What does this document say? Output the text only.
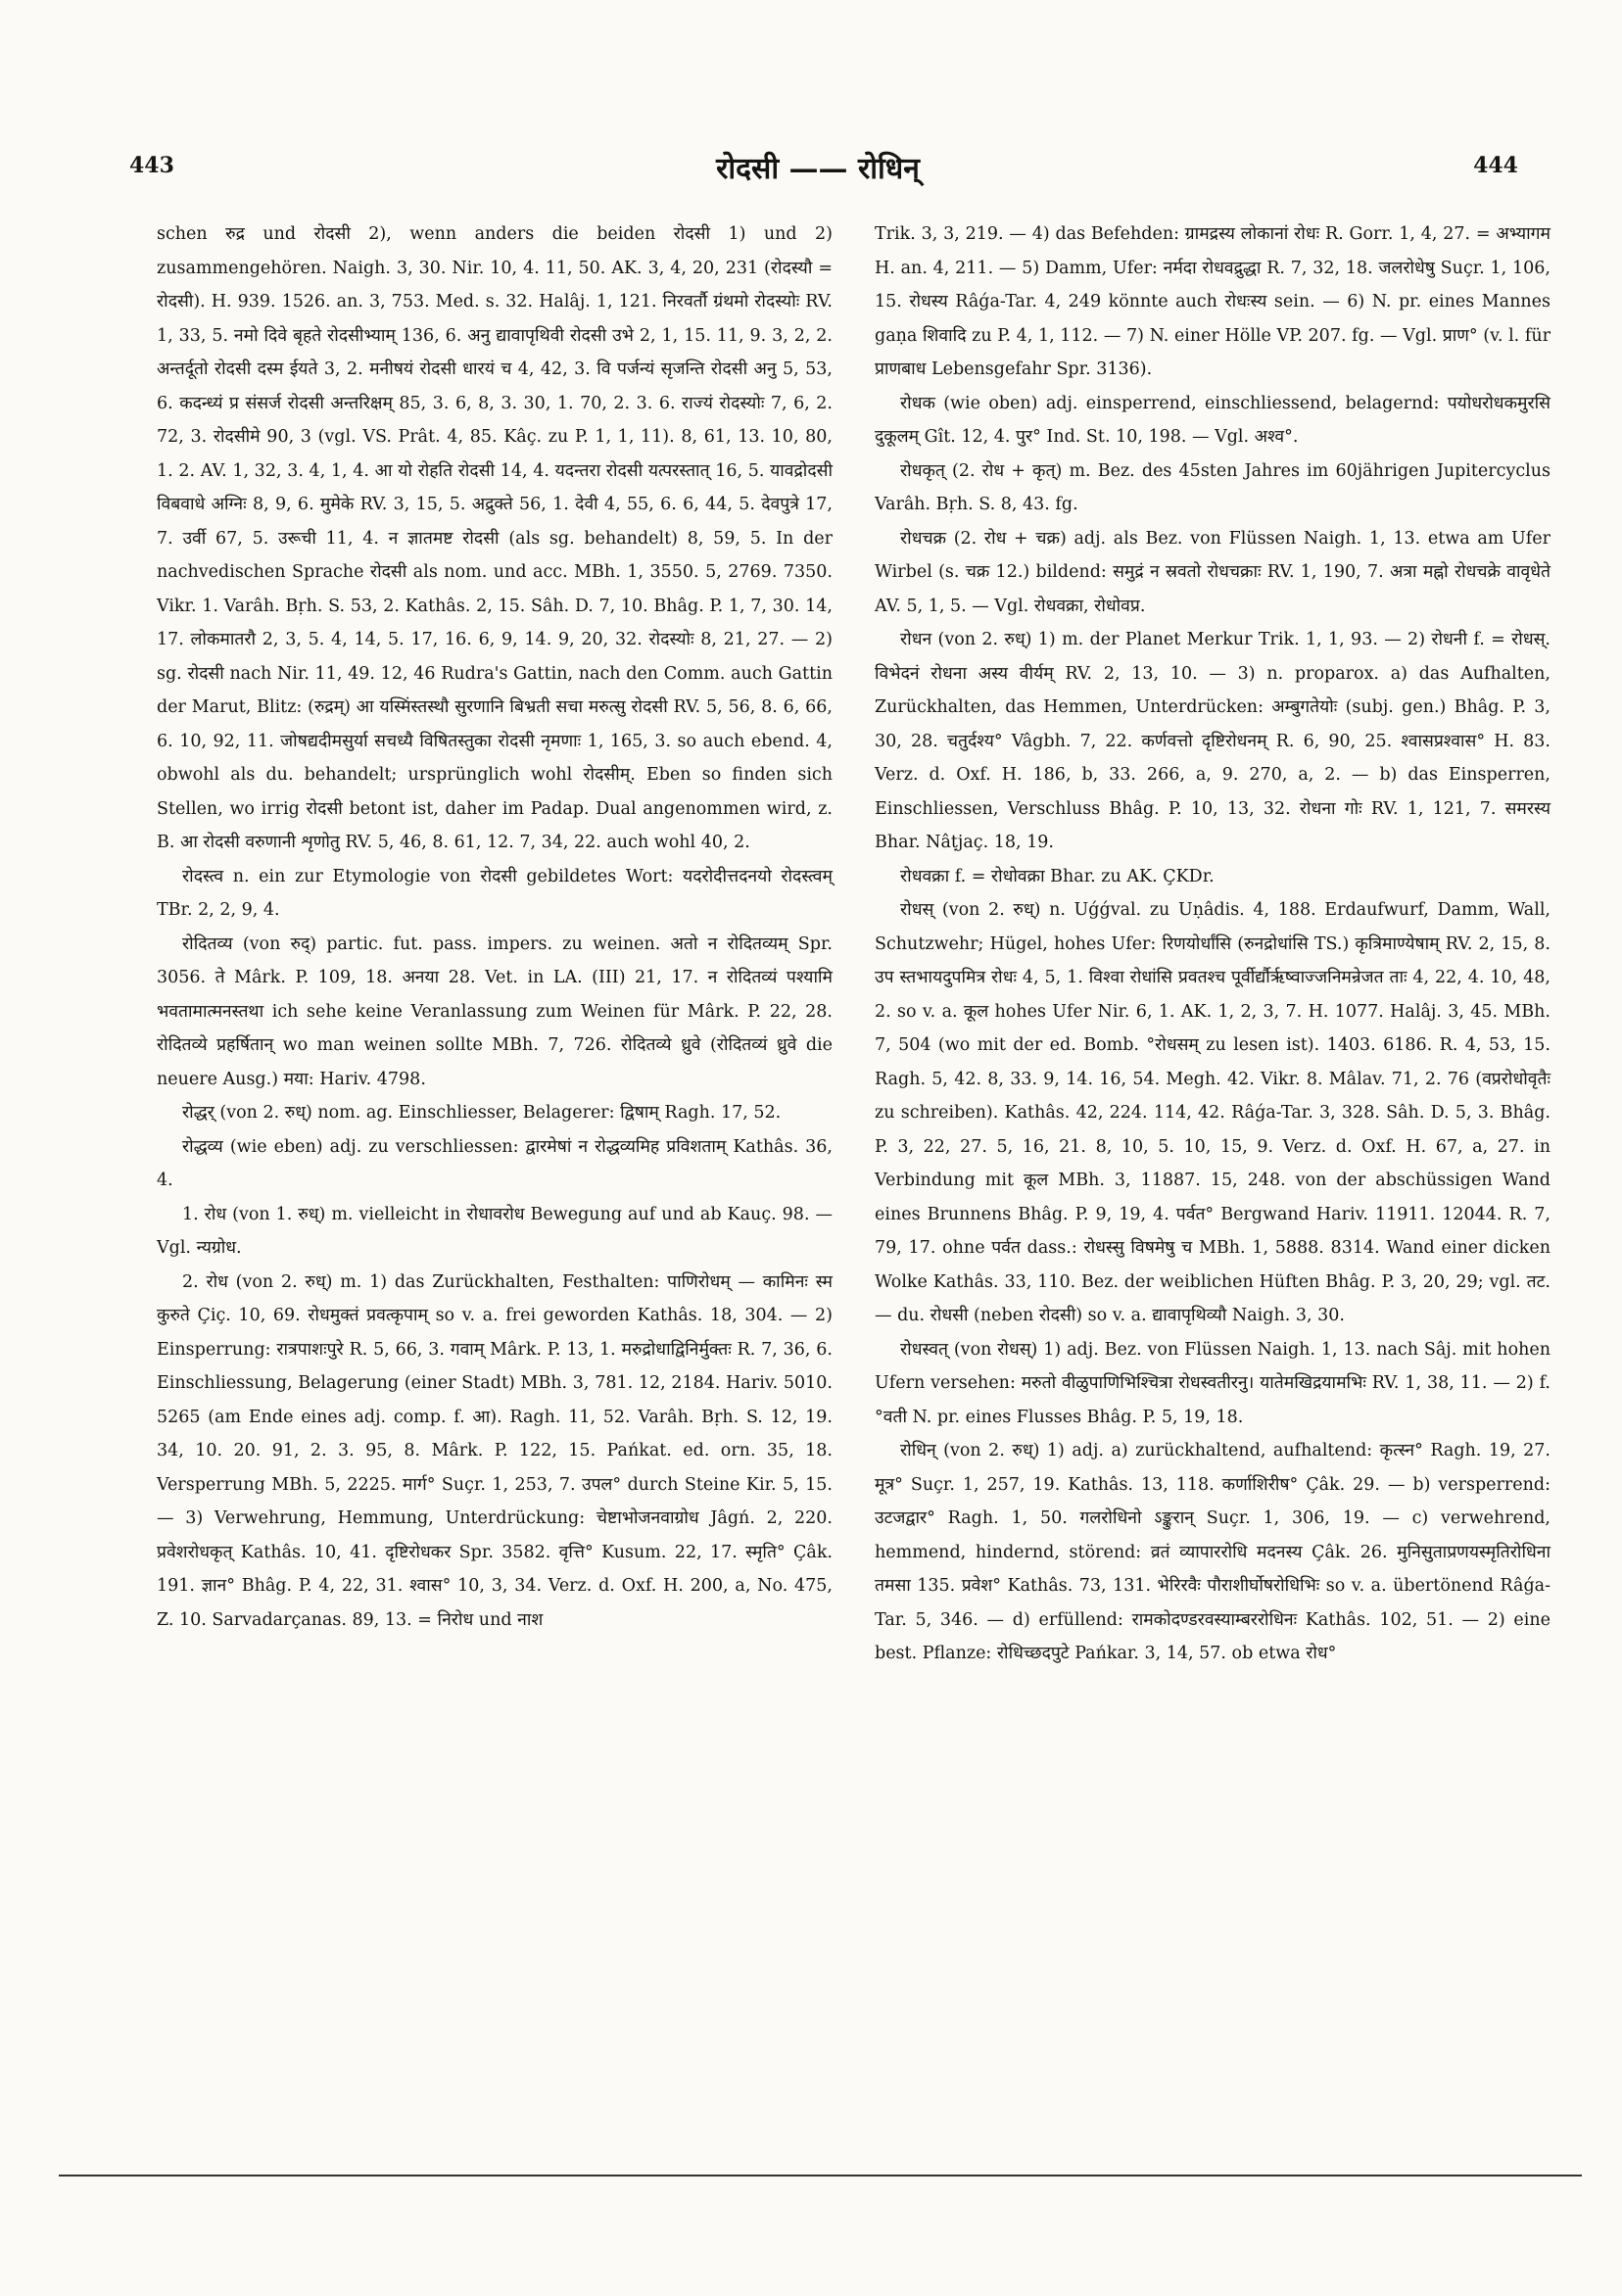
443	रोदसी —— रोधिन्	444

schen रुद्र und रोदसी 2), wenn anders die beiden रोदसी 1) und 2) zusammengehören. Naigh. 3, 30. Nir. 10, 4. 11, 50. AK. 3, 4, 20, 231 (रोदस्यौ = रोदसी). H. 939. 1526. an. 3, 753. Med. s. 32. Halâj. 1, 121. निरवर्तौ ग्रंथमो रोदस्योः RV. 1, 33, 5. नमो दिवे बृहते रोदसीभ्याम् 136, 6. अनु द्यावापृथिवी रोदसी उभे 2, 1, 15. 11, 9. 3, 2, 2. अन्तर्दूतो रोदसी दस्म ईयते 3, 2. मनीषयं रोदसी धारयं च 4, 42, 3. वि पर्जन्यं सृजन्ति रोदसी अनु 5, 53, 6. कदन्ध्यं प्र संसर्ज रोदसी अन्तरिक्षम् 85, 3. 6, 8, 3. 30, 1. 70, 2. 3. 6. राज्यं रोदस्योः 7, 6, 2. 72, 3. रोदसीमे 90, 3 (vgl. VS. Prât. 4, 85. Kâç. zu P. 1, 1, 11). 8, 61, 13. 10, 80, 1. 2. AV. 1, 32, 3. 4, 1, 4. आ यो रोहति रोदसी 14, 4. यदन्तरा रोदसी यत्परस्तात् 16, 5. यावद्रोदसी विबवाधे अग्निः 8, 9, 6. मुमेके RV. 3, 15, 5. अद्रुक्ते 56, 1. देवी 4, 55, 6. 6, 44, 5. देवपुत्रे 17, 7. उर्वी 67, 5. उरूची 11, 4. न ज्ञातमष्ट रोदसी (als sg. behandelt) 8, 59, 5. In der nachvedischen Sprache रोदसी als nom. und acc. MBh. 1, 3550. 5, 2769. 7350. Vikr. 1. Varâh. Bṛh. S. 53, 2. Kathâs. 2, 15. Sâh. D. 7, 10. Bhâg. P. 1, 7, 30. 14, 17. लोकमातरौ 2, 3, 5. 4, 14, 5. 17, 16. 6, 9, 14. 9, 20, 32. रोदस्योः 8, 21, 27. — 2) sg. रोदसी nach Nir. 11, 49. 12, 46 Rudra's Gattin, nach den Comm. auch Gattin der Marut, Blitz: (रुद्रम्) आ यस्मिंस्तस्थौ सुरणानि बिभ्रती सचा मरुत्सु रोदसी RV. 5, 56, 8. 6, 66, 6. 10, 92, 11. जोषद्यदीमसुर्या सचध्यै विषितस्तुका रोदसी नृमणाः 1, 165, 3. so auch ebend. 4, obwohl als du. behandelt; ursprünglich wohl रोदसीम्. Eben so finden sich Stellen, wo irrig रोदसी betont ist, daher im Padap. Dual angenommen wird, z. B. आ रोदसी वरुणानी शृणोतु RV. 5, 46, 8. 61, 12. 7, 34, 22. auch wohl 40, 2.

रोदस्त्व n. ein zur Etymologie von रोदसी gebildetes Wort: यदरोदीत्तदनयो रोदस्त्वम् TBr. 2, 2, 9, 4.

रोदितव्य (von रुद्) partic. fut. pass. impers. zu weinen. अतो न रोदितव्यम् Spr. 3056. ते Mârk. P. 109, 18. अनया 28. Vet. in LA. (III) 21, 17. न रोदितव्यं पश्यामि भवतामात्मनस्तथा ich sehe keine Veranlassung zum Weinen für Mârk. P. 22, 28. रोदितव्ये प्रहर्षितान् wo man weinen sollte MBh. 7, 726. रोदितव्ये ध्रुवे (रोदितव्यं ध्रुवे die neuere Ausg.) मया: Hariv. 4798.

रोद्धर् (von 2. रुध्) nom. ag. Einschliesser, Belagerer: द्विषाम् Ragh. 17, 52.

रोद्धव्य (wie eben) adj. zu verschliessen: द्वारमेषां न रोद्धव्यमिह प्रविशताम् Kathâs. 36, 4.

1. रोध (von 1. रुध्) m. vielleicht in रोधावरोध Bewegung auf und ab Kauç. 98. — Vgl. न्यग्रोध.

2. रोध (von 2. रुध्) m. 1) das Zurückhalten, Festhalten: पाणिरोधम् — कामिनः स्म कुरुते Çiç. 10, 69. रोधमुक्तं प्रवत्कृपाम् so v. a. frei geworden Kathâs. 18, 304. — 2) Einsperrung: रात्रपाशःपुरे R. 5, 66, 3. गवाम् Mârk. P. 13, 1. मरुद्रोधाद्विनिर्मुक्तः R. 7, 36, 6. Einschliessung, Belagerung (einer Stadt) MBh. 3, 781. 12, 2184. Hariv. 5010. 5265 (am Ende eines adj. comp. f. आ). Ragh. 11, 52. Varâh. Bṛh. S. 12, 19. 34, 10. 20. 91, 2. 3. 95, 8. Mârk. P. 122, 15. Pańkat. ed. orn. 35, 18. Versperrung MBh. 5, 2225. मार्ग° Suçr. 1, 253, 7. उपल° durch Steine Kir. 5, 15. — 3) Verwehrung, Hemmung, Unterdrückung: चेष्टाभोजनवाग्रोध Jâgń. 2, 220. प्रवेशरोधकृत् Kathâs. 10, 41. दृष्टिरोधकर Spr. 3582. वृत्ति° Kusum. 22, 17. स्मृति° Çâk. 191. ज्ञान° Bhâg. P. 4, 22, 31. श्वास° 10, 3, 34. Verz. d. Oxf. H. 200, a, No. 475, Z. 10. Sarvadarçanas. 89, 13. = निरोध und नाश

Trik. 3, 3, 219. — 4) das Befehden: ग्रामद्रस्य लोकानां रोधः R. Gorr. 1, 4, 27. = अभ्यागम H. an. 4, 211. — 5) Damm, Ufer: नर्मदा रोधवद्रुद्धा R. 7, 32, 18. जलरोधेषु Suçr. 1, 106, 15. रोधस्य Râǵa-Tar. 4, 249 könnte auch रोधःस्य sein. — 6) N. pr. eines Mannes gaṇa शिवादि zu P. 4, 1, 112. — 7) N. einer Hölle VP. 207. fg. — Vgl. प्राण° (v. l. für प्राणबाध Lebensgefahr Spr. 3136).

रोधक (wie oben) adj. einsperrend, einschliessend, belagernd: पयोधरोधकमुरसि दुकूलम् Gît. 12, 4. पुर° Ind. St. 10, 198. — Vgl. अश्व°.

रोधकृत् (2. रोध + कृत्) m. Bez. des 45sten Jahres im 60jährigen Jupitercyclus Varâh. Bṛh. S. 8, 43. fg.

रोधचक्र (2. रोध + चक्र) adj. als Bez. von Flüssen Naigh. 1, 13. etwa am Ufer Wirbel (s. चक्र 12.) bildend: समुद्रं न स्रवतो रोधचक्राः RV. 1, 190, 7. अत्रा मह्नो रोधचक्रे वावृधेते AV. 5, 1, 5. — Vgl. रोधवक्रा, रोधोवप्र.

रोधन (von 2. रुध्) 1) m. der Planet Merkur Trik. 1, 1, 93. — 2) रोधनी f. = रोधस्. विभेदनं रोधना अस्य वीर्यम् RV. 2, 13, 10. — 3) n. proparox. a) das Aufhalten, Zurückhalten, das Hemmen, Unterdrücken: अम्बुगतेयोः (subj. gen.) Bhâg. P. 3, 30, 28. चतुर्दश्य° Vâgbh. 7, 22. कर्णवत्तो दृष्टिरोधनम् R. 6, 90, 25. श्वासप्रश्वास° H. 83. Verz. d. Oxf. H. 186, b, 33. 266, a, 9. 270, a, 2. — b) das Einsperren, Einschliessen, Verschluss Bhâg. P. 10, 13, 32. रोधना गोः RV. 1, 121, 7. समरस्य Bhar. Nâṭjaç. 18, 19.

रोधवक्रा f. = रोधोवक्रा Bhar. zu AK. ÇKDr.

रोधस् (von 2. रुध्) n. Uǵǵval. zu Uṇâdis. 4, 188. Erdaufwurf, Damm, Wall, Schutzwehr; Hügel, hohes Ufer: रिणयोर्धांसि (रुनद्रोधांसि TS.) कृत्रिमाण्येषाम् RV. 2, 15, 8. उप स्तभायदुपमित्र रोधः 4, 5, 1. विश्वा रोधांसि प्रवतश्च पूर्वीर्द्यौर्ऋष्वाज्जनिमन्रेजत ताः 4, 22, 4. 10, 48, 2. so v. a. कूल hohes Ufer Nir. 6, 1. AK. 1, 2, 3, 7. H. 1077. Halâj. 3, 45. MBh. 7, 504 (wo mit der ed. Bomb. °रोधसम् zu lesen ist). 1403. 6186. R. 4, 53, 15. Ragh. 5, 42. 8, 33. 9, 14. 16, 54. Megh. 42. Vikr. 8. Mâlav. 71, 2. 76 (वप्ररोधोवृतैः zu schreiben). Kathâs. 42, 224. 114, 42. Râǵa-Tar. 3, 328. Sâh. D. 5, 3. Bhâg. P. 3, 22, 27. 5, 16, 21. 8, 10, 5. 10, 15, 9. Verz. d. Oxf. H. 67, a, 27. in Verbindung mit कूल MBh. 3, 11887. 15, 248. von der abschüssigen Wand eines Brunnens Bhâg. P. 9, 19, 4. पर्वत° Bergwand Hariv. 11911. 12044. R. 7, 79, 17. ohne पर्वत dass.: रोधस्सु विषमेषु च MBh. 1, 5888. 8314. Wand einer dicken Wolke Kathâs. 33, 110. Bez. der weiblichen Hüften Bhâg. P. 3, 20, 29; vgl. तट. — du. रोधसी (neben रोदसी) so v. a. द्यावापृथिव्यौ Naigh. 3, 30.

रोधस्वत् (von रोधस्) 1) adj. Bez. von Flüssen Naigh. 1, 13. nach Sâj. mit hohen Ufern versehen: मरुतो वीळुपाणिभिश्चित्रा रोधस्वतीरनु। यातेमखिद्रयामभिः RV. 1, 38, 11. — 2) f. °वती N. pr. eines Flusses Bhâg. P. 5, 19, 18.

रोधिन् (von 2. रुध्) 1) adj. a) zurückhaltend, aufhaltend: कृत्स्न° Ragh. 19, 27. मूत्र° Suçr. 1, 257, 19. Kathâs. 13, 118. कर्णाशिरीष° Çâk. 29. — b) versperrend: उटजद्वार° Ragh. 1, 50. गलरोधिनो ऽङ्कुरान् Suçr. 1, 306, 19. — c) verwehrend, hemmend, hindernd, störend: व्रतं व्यापाररोधि मदनस्य Çâk. 26. मुनिसुताप्रणयस्मृतिरोधिना तमसा 135. प्रवेश° Kathâs. 73, 131. भेरिरवैः पौराशीर्घोषरोधिभिः so v. a. übertönend Râǵa-Tar. 5, 346. — d) erfüllend: रामकोदण्डरवस्याम्बररोधिनः Kathâs. 102, 51. — 2) eine best. Pflanze: रोधिच्छदपुटे Pańkar. 3, 14, 57. ob etwa रोध°
